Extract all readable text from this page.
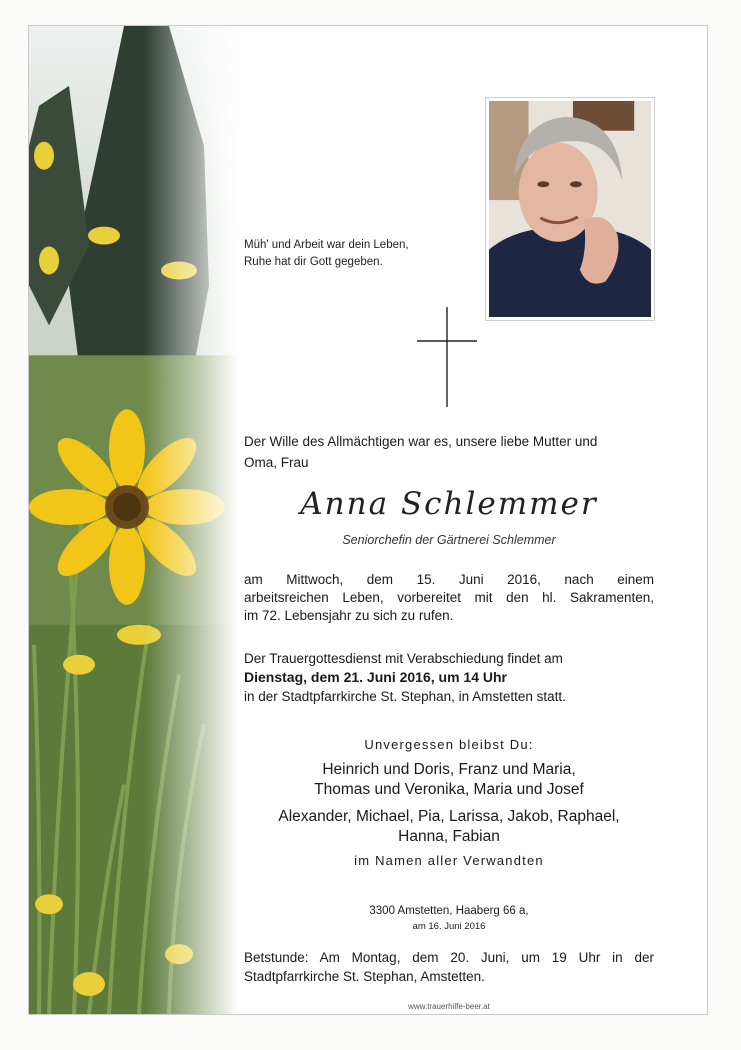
Müh' und Arbeit war dein Leben,
Ruhe hat dir Gott gegeben.
Der Wille des Allmächtigen war es, unsere liebe Mutter und
Oma, Frau
Anna Schlemmer
Seniorchefin der Gärtnerei Schlemmer
am Mittwoch, dem 15. Juni 2016, nach einem
arbeitsreichen Leben, vorbereitet mit den hl. Sakramenten,
im 72. Lebensjahr zu sich zu rufen.
Der Trauergottesdienst mit Verabschiedung findet am
Dienstag, dem 21. Juni 2016, um 14 Uhr
in der Stadtpfarrkirche St. Stephan, in Amstetten statt.
Unvergessen bleibst Du:
Heinrich und Doris, Franz und Maria,
Thomas und Veronika, Maria und Josef
Alexander, Michael, Pia, Larissa, Jakob, Raphael,
Hanna, Fabian
im Namen aller Verwandten
3300 Amstetten, Haaberg 66 a,
am 16. Juni 2016
Betstunde: Am Montag, dem 20. Juni, um 19 Uhr in der
Stadtpfarrkirche St. Stephan, Amstetten.
www.trauerhilfe-beer.at
